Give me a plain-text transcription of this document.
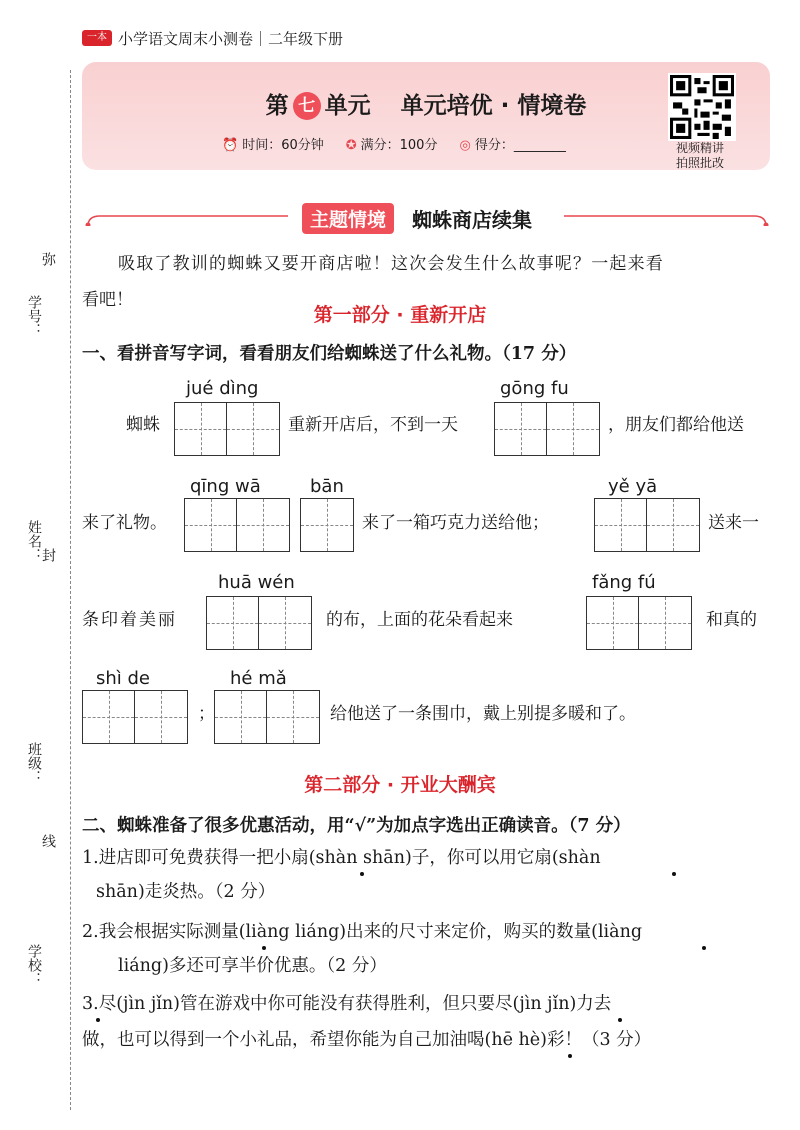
一本 小学语文周末小测卷｜二年级下册
弥
学号：
姓名：
封
班级：
线
学校：
第 七 单元 单元培优 · 情境卷
⏰ 时间：60分钟 ✪ 满分：100分 ◎ 得分：________	视频精讲
拍照批改
主题情境	蜘蛛商店续集
吸取了教训的蜘蛛又要开商店啦！这次会发生什么故事呢？一起来看
看吧！
第一部分 · 重新开店
一、看拼音写字词，看看朋友们给蜘蛛送了什么礼物。（17 分）
jué dìng	gōng fu
蜘蛛	重新开店后，不到一天	，朋友们都给他送
qīng wā	bān	yě yā
来了礼物。	来了一箱巧克力送给他；	送来一
huā wén	fǎng fú
条印着美丽	的布，上面的花朵看起来	和真的
shì de	hé mǎ
；	给他送了一条围巾，戴上别提多暖和了。
第二部分 · 开业大酬宾
二、蜘蛛准备了很多优惠活动，用“√”为加点字选出正确读音。（7 分）
1.进店即可免费获得一把小扇(shàn shān)子，你可以用它扇(shàn
shān)走炎热。（2 分）
2.我会根据实际测量(liàng liáng)出来的尺寸来定价，购买的数量(liàng
liáng)多还可享半价优惠。（2 分）
3.尽(jìn jǐn)管在游戏中你可能没有获得胜利，但只要尽(jìn jǐn)力去
做，也可以得到一个小礼品，希望你能为自己加油喝(hē hè)彩！（3 分）
